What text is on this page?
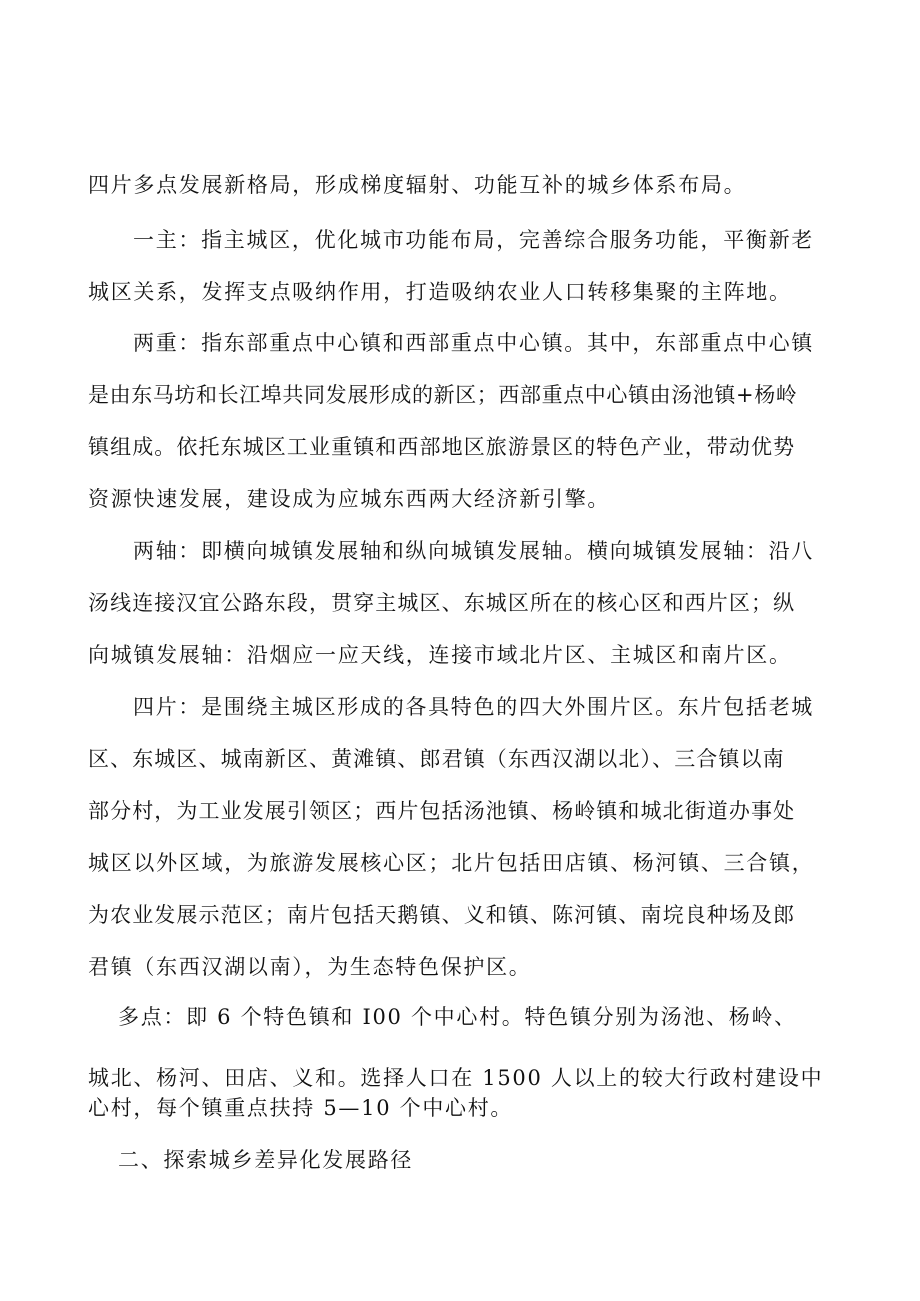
四片多点发展新格局，形成梯度辐射、功能互补的城乡体系布局。
一主：指主城区，优化城市功能布局，完善综合服务功能，平衡新老
城区关系，发挥支点吸纳作用，打造吸纳农业人口转移集聚的主阵地。
两重：指东部重点中心镇和西部重点中心镇。其中，东部重点中心镇
是由东马坊和长江埠共同发展形成的新区；西部重点中心镇由汤池镇+杨岭
镇组成。依托东城区工业重镇和西部地区旅游景区的特色产业，带动优势
资源快速发展，建设成为应城东西两大经济新引擎。
两轴：即横向城镇发展轴和纵向城镇发展轴。横向城镇发展轴：沿八
汤线连接汉宜公路东段，贯穿主城区、东城区所在的核心区和西片区；纵
向城镇发展轴：沿烟应一应天线，连接市域北片区、主城区和南片区。
四片：是围绕主城区形成的各具特色的四大外围片区。东片包括老城
区、东城区、城南新区、黄滩镇、郎君镇（东西汉湖以北）、三合镇以南
部分村，为工业发展引领区；西片包括汤池镇、杨岭镇和城北街道办事处
城区以外区域，为旅游发展核心区；北片包括田店镇、杨河镇、三合镇，
为农业发展示范区；南片包括天鹅镇、义和镇、陈河镇、南垸良种场及郎
君镇（东西汉湖以南），为生态特色保护区。
多点：即 6 个特色镇和 I00 个中心村。特色镇分别为汤池、杨岭、
城北、杨河、田店、义和。选择人口在 1500 人以上的较大行政村建设中
心村，每个镇重点扶持 5—10 个中心村。
二、探索城乡差异化发展路径
